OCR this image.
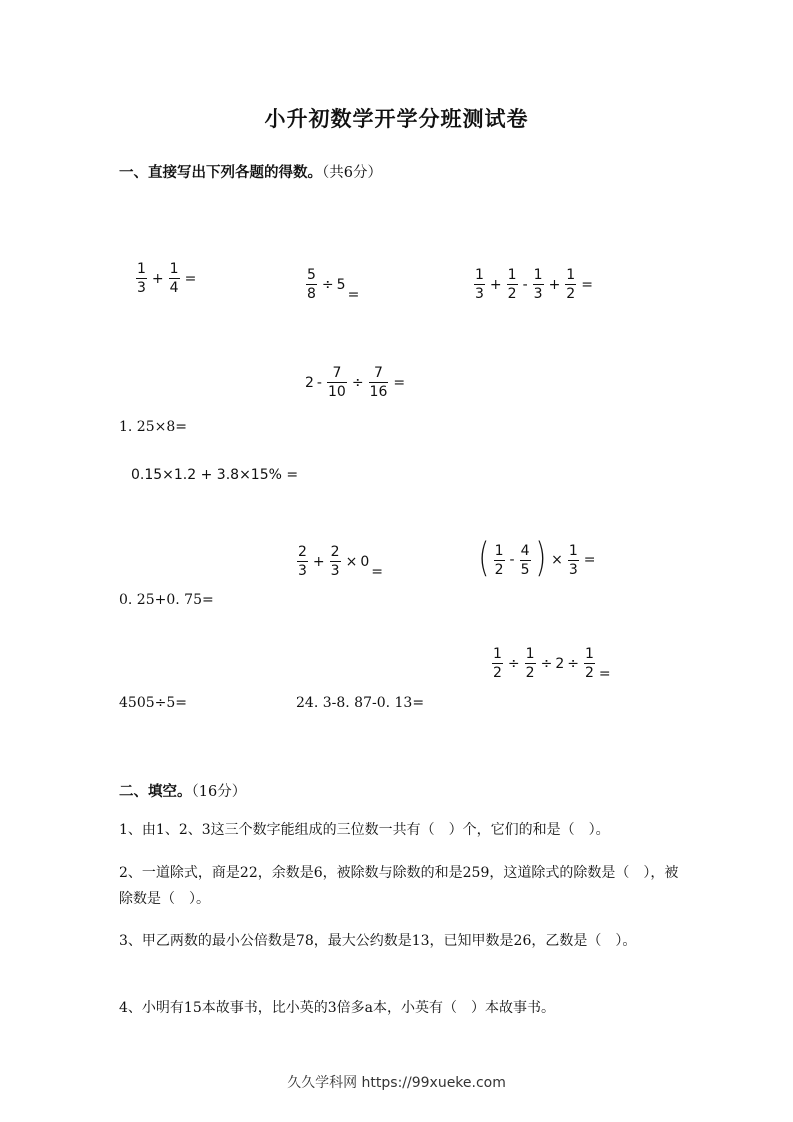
小升初数学开学分班测试卷
一、直接写出下列各题的得数。（共6分）
$\frac{1}{3} + \frac{1}{4}$ =	$\frac{5}{8} \div 5$
=	$\frac{1}{3} + \frac{1}{2} - \frac{1}{3} + \frac{1}{2}$ =
$2 - \frac{7}{10} \div \frac{7}{16}$ =
1. 25×8=
0.15×1.2 + 3.8×15% =
$\frac{2}{3} + \frac{2}{3} \times 0$
= ( $\frac{1}{2} - \frac{4}{5}$ ) × $\frac{1}{3}$ =
0. 25+0. 75=
$\frac{1}{2} \div \frac{1}{2} \div 2 \div \frac{1}{2}$ =
4505÷5=	24. 3-8. 87-0. 13=
二、填空。（16分）
1、由1、2、3这三个数字能组成的三位数一共有（　）个，它们的和是（　）。
2、一道除式，商是22，余数是6，被除数与除数的和是259，这道除式的除数是（　），被除数是（　）。
3、甲乙两数的最小公倍数是78，最大公约数是13，已知甲数是26，乙数是（　）。
4、小明有15本故事书，比小英的3倍多a本，小英有（　）本故事书。
久久学科网 https://99xueke.com
